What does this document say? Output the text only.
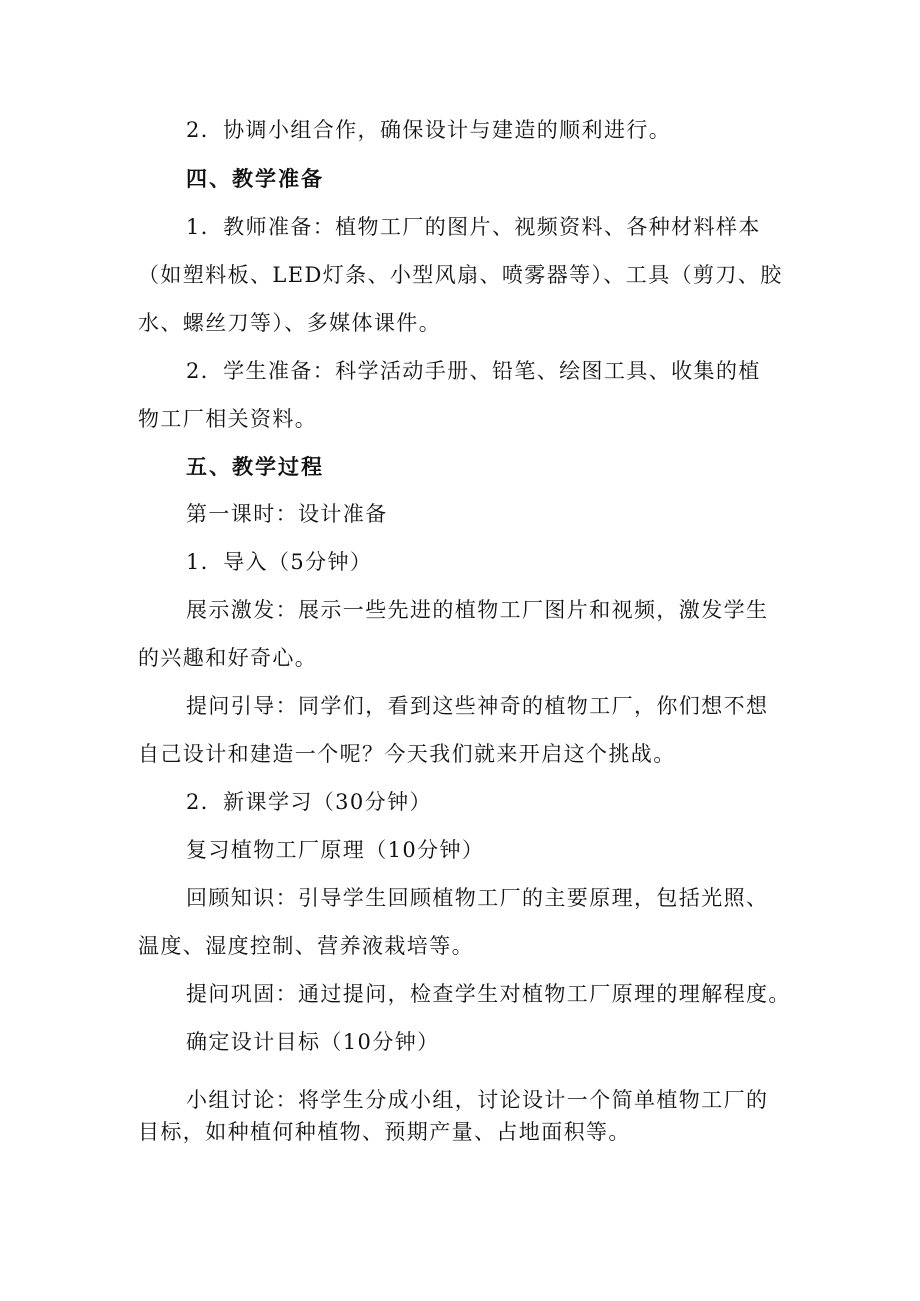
2．协调小组合作，确保设计与建造的顺利进行。
四、教学准备
1．教师准备：植物工厂的图片、视频资料、各种材料样本
（如塑料板、LED灯条、小型风扇、喷雾器等）、工具（剪刀、胶
水、螺丝刀等）、多媒体课件。
2．学生准备：科学活动手册、铅笔、绘图工具、收集的植
物工厂相关资料。
五、教学过程
第一课时：设计准备
1．导入（5分钟）
展示激发：展示一些先进的植物工厂图片和视频，激发学生
的兴趣和好奇心。
提问引导：同学们，看到这些神奇的植物工厂，你们想不想
自己设计和建造一个呢？今天我们就来开启这个挑战。
2．新课学习（30分钟）
复习植物工厂原理（10分钟）
回顾知识：引导学生回顾植物工厂的主要原理，包括光照、
温度、湿度控制、营养液栽培等。
提问巩固：通过提问，检查学生对植物工厂原理的理解程度。
确定设计目标（10分钟）
小组讨论：将学生分成小组，讨论设计一个简单植物工厂的
目标，如种植何种植物、预期产量、占地面积等。
